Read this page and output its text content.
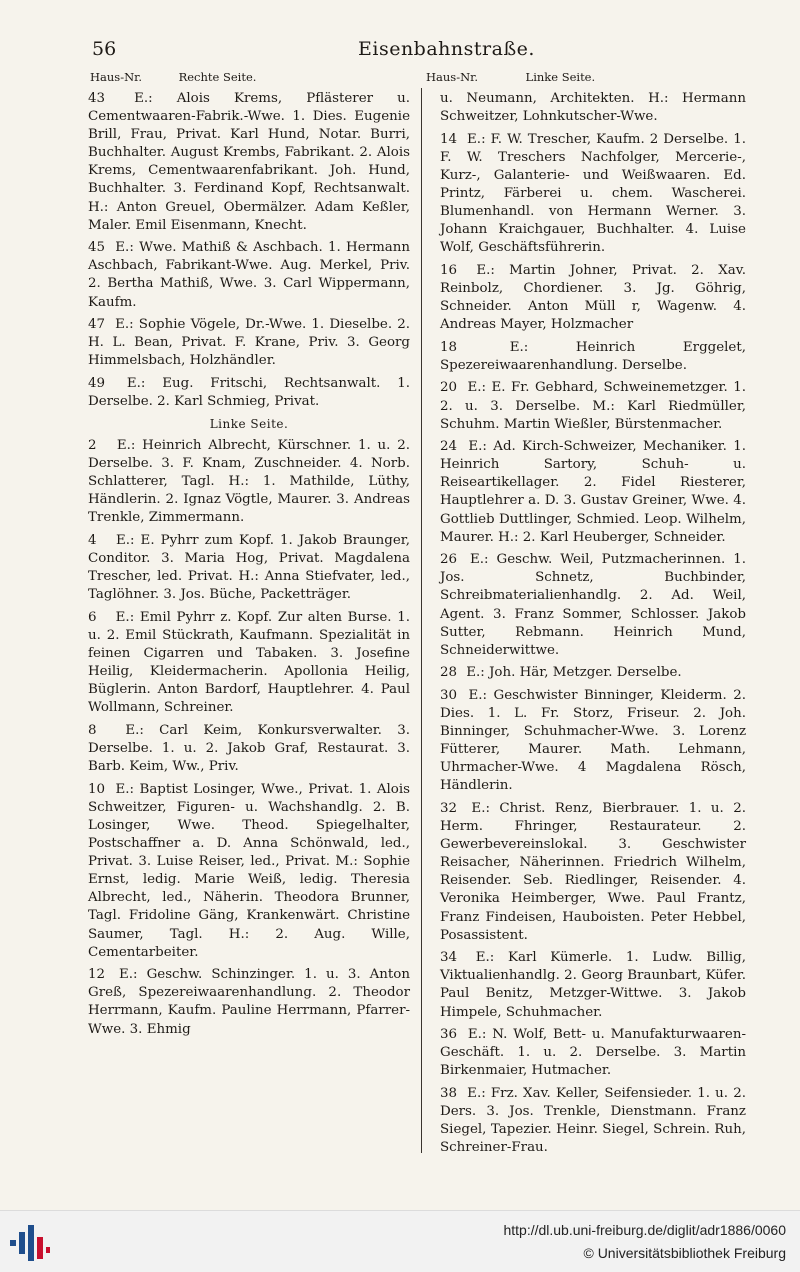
56	Eisenbahnstraße.
Haus-Nr.          Rechte Seite.	Haus-Nr.             Linke Seite.

43 E.: Alois Krems, Pflästerer u. Cementwaaren-Fabrik.-Wwe. 1. Dies. Eugenie Brill, Frau, Privat. Karl Hund, Notar. Burri, Buchhalter. August Krembs, Fabrikant. 2. Alois Krems, Cementwaarenfabrikant. Joh. Hund, Buchhalter. 3. Ferdinand Kopf, Rechtsanwalt. H.: Anton Greuel, Obermälzer. Adam Keßler, Maler. Emil Eisenmann, Knecht.

45 E.: Wwe. Mathiß & Aschbach. 1. Hermann Aschbach, Fabrikant-Wwe. Aug. Merkel, Priv. 2. Bertha Mathiß, Wwe. 3. Carl Wippermann, Kaufm.

47 E.: Sophie Vögele, Dr.-Wwe. 1. Dieselbe. 2. H. L. Bean, Privat. F. Krane, Priv. 3. Georg Himmelsbach, Holzhändler.

49 E.: Eug. Fritschi, Rechtsanwalt. 1. Derselbe. 2. Karl Schmieg, Privat.

Linke Seite.

2 E.: Heinrich Albrecht, Kürschner. 1. u. 2. Derselbe. 3. F. Knam, Zuschneider. 4. Norb. Schlatterer, Tagl. H.: 1. Mathilde, Lüthy, Händlerin. 2. Ignaz Vögtle, Maurer. 3. Andreas Trenkle, Zimmermann.

4 E.: E. Pyhrr zum Kopf. 1. Jakob Braunger, Conditor. 3. Maria Hog, Privat. Magdalena Trescher, led. Privat. H.: Anna Stiefvater, led., Taglöhner. 3. Jos. Büche, Packetträger.

6 E.: Emil Pyhrr z. Kopf. Zur alten Burse. 1. u. 2. Emil Stückrath, Kaufmann. Spezialität in feinen Cigarren und Tabaken. 3. Josefine Heilig, Kleidermacherin. Apollonia Heilig, Büglerin. Anton Bardorf, Hauptlehrer. 4. Paul Wollmann, Schreiner.

8 E.: Carl Keim, Konkursverwalter. 3. Derselbe. 1. u. 2. Jakob Graf, Restaurat. 3. Barb. Keim, Ww., Priv.

10 E.: Baptist Losinger, Wwe., Privat. 1. Alois Schweitzer, Figuren- u. Wachshandlg. 2. B. Losinger, Wwe. Theod. Spiegelhalter, Postschaffner a. D. Anna Schönwald, led., Privat. 3. Luise Reiser, led., Privat. M.: Sophie Ernst, ledig. Marie Weiß, ledig. Theresia Albrecht, led., Näherin. Theodora Brunner, Tagl. Fridoline Gäng, Krankenwärt. Christine Saumer, Tagl. H.: 2. Aug. Wille, Cementarbeiter.

12 E.: Geschw. Schinzinger. 1. u. 3. Anton Greß, Spezereiwaarenhandlung. 2. Theodor Herrmann, Kaufm. Pauline Herrmann, Pfarrer-Wwe. 3. Ehmig

u. Neumann, Architekten. H.: Hermann Schweitzer, Lohnkutscher-Wwe.

14 E.: F. W. Trescher, Kaufm. 2 Derselbe. 1. F. W. Treschers Nachfolger, Mercerie-, Kurz-, Galanterie- und Weißwaaren. Ed. Printz, Färberei u. chem. Wascherei. Blumenhandl. von Hermann Werner. 3. Johann Kraichgauer, Buchhalter. 4. Luise Wolf, Geschäftsführerin.

16 E.: Martin Johner, Privat. 2. Xav. Reinbolz, Chordiener. 3. Jg. Göhrig, Schneider. Anton Müll r, Wagenw. 4. Andreas Mayer, Holzmacher

18	E.: Heinrich Erggelet, Spezereiwaarenhandlung. Derselbe.

20 E.: E. Fr. Gebhard, Schweinemetzger. 1. 2. u. 3. Derselbe. M.: Karl Riedmüller, Schuhm. Martin Wießler, Bürstenmacher.

24 E.: Ad. Kirch-Schweizer, Mechaniker. 1. Heinrich Sartory, Schuh- u. Reiseartikellager. 2. Fidel Riesterer, Hauptlehrer a. D. 3. Gustav Greiner, Wwe. 4. Gottlieb Duttlinger, Schmied. Leop. Wilhelm, Maurer. H.: 2. Karl Heuberger, Schneider.

26 E.: Geschw. Weil, Putzmacherinnen. 1. Jos. Schnetz, Buchbinder, Schreibmaterialienhandlg. 2. Ad. Weil, Agent. 3. Franz Sommer, Schlosser. Jakob Sutter, Rebmann. Heinrich Mund, Schneiderwittwe.

28 E.: Joh. Här, Metzger. Derselbe.

30 E.: Geschwister Binninger, Kleiderm. 2. Dies. 1. L. Fr. Storz, Friseur. 2. Joh. Binninger, Schuhmacher-Wwe. 3. Lorenz Fütterer, Maurer. Math. Lehmann, Uhrmacher-Wwe. 4 Magdalena Rösch, Händlerin.

32 E.: Christ. Renz, Bierbrauer. 1. u. 2. Herm. Fhringer, Restaurateur. 2. Gewerbevereinslokal. 3. Geschwister Reisacher, Näherinnen. Friedrich Wilhelm, Reisender. Seb. Riedlinger, Reisender. 4. Veronika Heimberger, Wwe. Paul Frantz, Franz Findeisen, Hauboisten. Peter Hebbel, Posassistent.

34 E.: Karl Kümerle. 1. Ludw. Billig, Viktualienhandlg. 2. Georg Braunbart, Küfer. Paul Benitz, Metzger-Wittwe. 3. Jakob Himpele, Schuhmacher.

36 E.: N. Wolf, Bett- u. Manufakturwaaren-Geschäft. 1. u. 2. Derselbe. 3. Martin Birkenmaier, Hutmacher.

38 E.: Frz. Xav. Keller, Seifensieder. 1. u. 2. Ders. 3. Jos. Trenkle, Dienstmann. Franz Siegel, Tapezier. Heinr. Siegel, Schrein. Ruh, Schreiner-Frau.

http://dl.ub.uni-freiburg.de/diglit/adr1886/0060
© Universitätsbibliothek Freiburg
